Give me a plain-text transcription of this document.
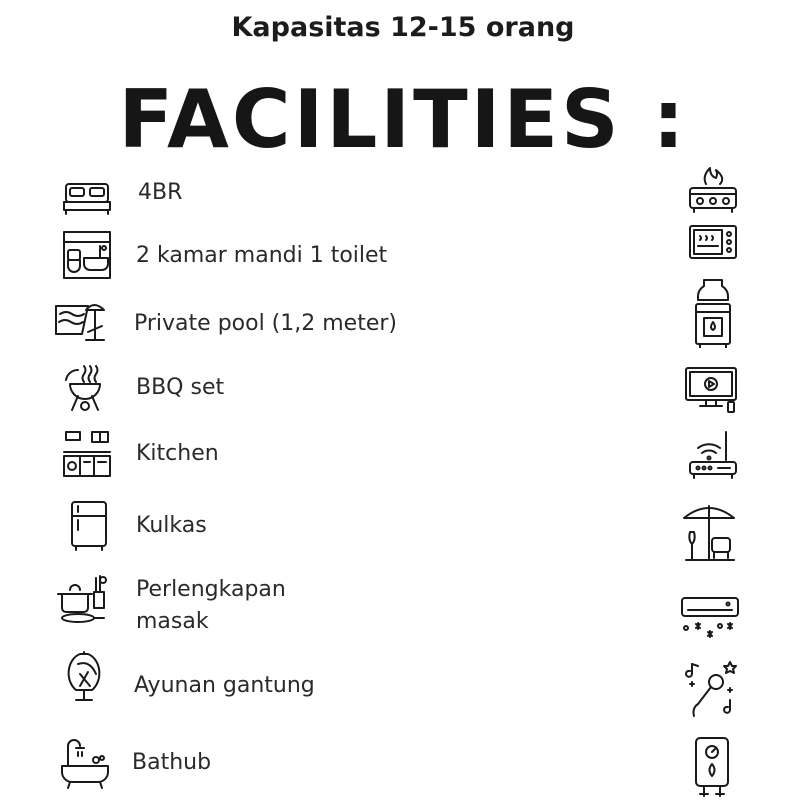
Kapasitas 12-15 orang
FACILITIES :
4BR
2 kamar mandi 1 toilet
Private pool (1,2 meter)
BBQ set
Kitchen
Kulkas
Perlengkapan
masak
Ayunan gantung
Bathub
